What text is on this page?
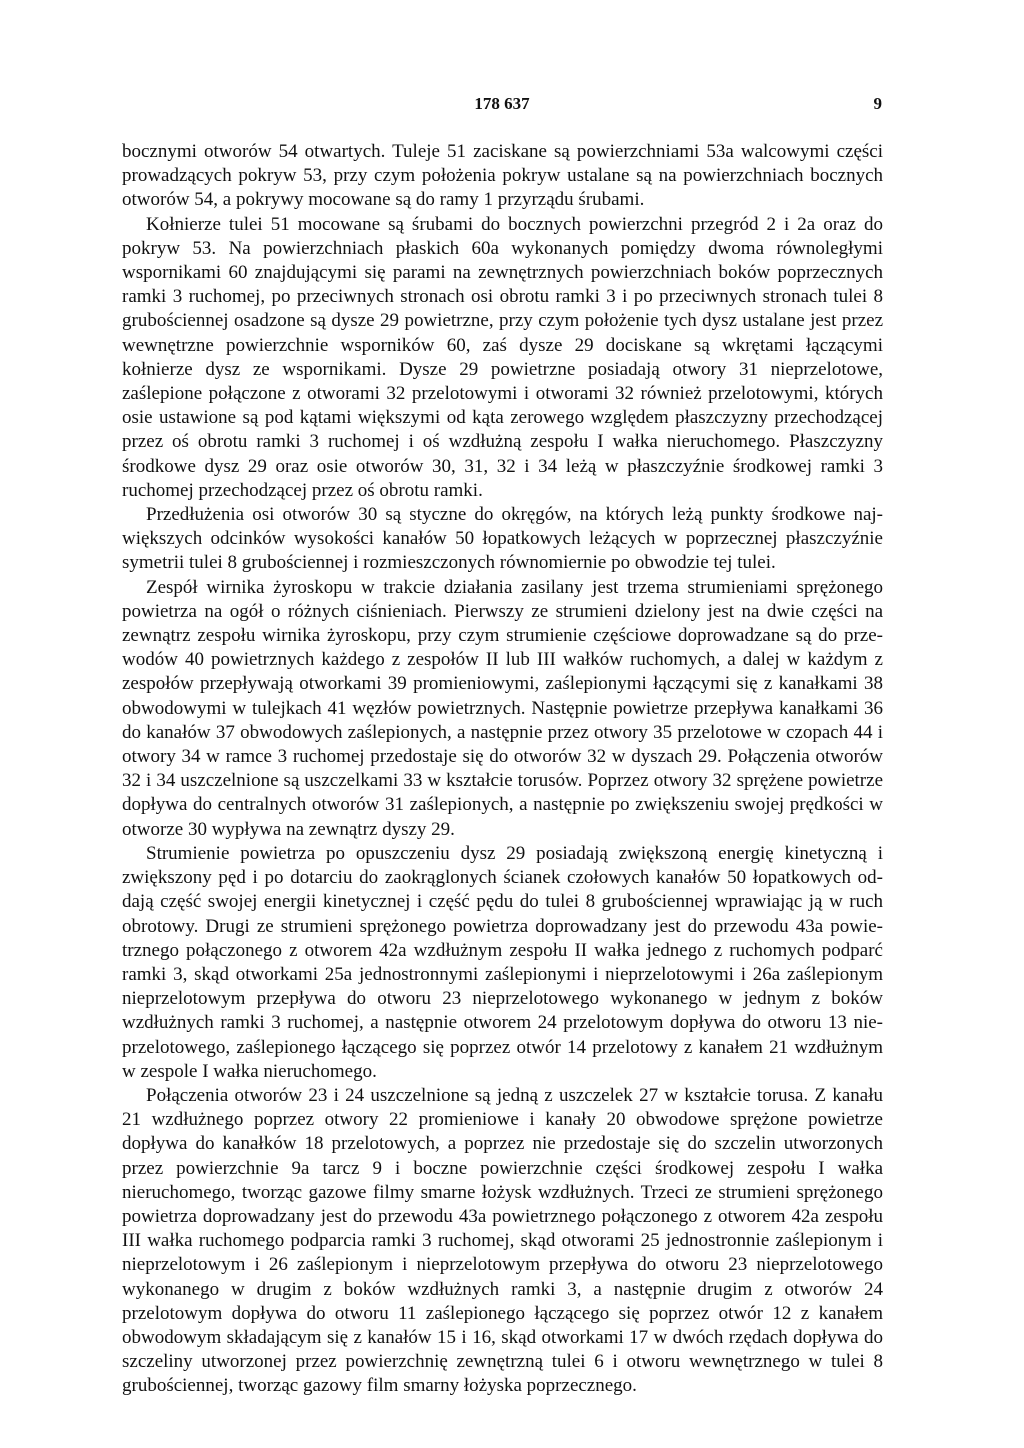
178 637	9

bocznymi otworów 54 otwartych. Tuleje 51 zaciskane są powierzchniami 53a walcowymi części prowadzących pokryw 53, przy czym położenia pokryw ustalane są na powierzchniach bocznych otworów 54, a pokrywy mocowane są do ramy 1 przyrządu śrubami.

Kołnierze tulei 51 mocowane są śrubami do bocznych powierzchni przegród 2 i 2a oraz do pokryw 53. Na powierzchniach płaskich 60a wykonanych pomiędzy dwoma równoległymi wspornikami 60 znajdującymi się parami na zewnętrznych powierzchniach boków poprzecznych ramki 3 ruchomej, po przeciwnych stronach osi obrotu ramki 3 i po przeciwnych stronach tulei 8 grubościennej osadzone są dysze 29 powietrzne, przy czym położenie tych dysz ustalane jest przez wewnętrzne powierzchnie wsporników 60, zaś dysze 29 dociskane są wkrętami łączącymi kołnierze dysz ze wspornikami. Dysze 29 powietrzne posiadają otwory 31 nieprzelotowe, zaślepione połączone z otworami 32 przelotowymi i otworami 32 również przelotowymi, których osie ustawione są pod kątami większymi od kąta zerowego względem płaszczyzny przechodzącej przez oś obrotu ramki 3 ruchomej i oś wzdłużną zespołu I wałka nieruchomego. Płaszczyzny środkowe dysz 29 oraz osie otworów 30, 31, 32 i 34 leżą w płaszczyźnie środkowej ramki 3 ruchomej przechodzącej przez oś obrotu ramki.

Przedłużenia osi otworów 30 są styczne do okręgów, na których leżą punkty środkowe największych odcinków wysokości kanałów 50 łopatkowych leżących w poprzecznej płaszczyźnie symetrii tulei 8 grubościennej i rozmieszczonych równomiernie po obwodzie tej tulei.

Zespół wirnika żyroskopu w trakcie działania zasilany jest trzema strumieniami sprężonego powietrza na ogół o różnych ciśnieniach. Pierwszy ze strumieni dzielony jest na dwie części na zewnątrz zespołu wirnika żyroskopu, przy czym strumienie częściowe doprowadzane są do przewodów 40 powietrznych każdego z zespołów II lub III wałków ruchomych, a dalej w każdym z zespołów przepływają otworkami 39 promieniowymi, zaślepionymi łączącymi się z kanałkami 38 obwodowymi w tulejkach 41 węzłów powietrznych. Następnie powietrze przepływa kanałkami 36 do kanałów 37 obwodowych zaślepionych, a następnie przez otwory 35 przelotowe w czopach 44 i otwory 34 w ramce 3 ruchomej przedostaje się do otworów 32 w dyszach 29. Połączenia otworów 32 i 34 uszczelnione są uszczelkami 33 w kształcie torusów. Poprzez otwory 32 sprężene powietrze dopływa do centralnych otworów 31 zaślepionych, a następnie po zwiększeniu swojej prędkości w otworze 30 wypływa na zewnątrz dyszy 29.

Strumienie powietrza po opuszczeniu dysz 29 posiadają zwiększoną energię kinetyczną i zwiększony pęd i po dotarciu do zaokrąglonych ścianek czołowych kanałów 50 łopatkowych oddają część swojej energii kinetycznej i część pędu do tulei 8 grubościennej wprawiając ją w ruch obrotowy. Drugi ze strumieni sprężonego powietrza doprowadzany jest do przewodu 43a powietrznego połączonego z otworem 42a wzdłużnym zespołu II wałka jednego z ruchomych podparć ramki 3, skąd otworkami 25a jednostronnymi zaślepionymi i nieprzelotowymi i 26a zaślepionym nieprzelotowym przepływa do otworu 23 nieprzelotowego wykonanego w jednym z boków wzdłużnych ramki 3 ruchomej, a następnie otworem 24 przelotowym dopływa do otworu 13 nieprzelotowego, zaślepionego łączącego się poprzez otwór 14 przelotowy z kanałem 21 wzdłużnym w zespole I wałka nieruchomego.

Połączenia otworów 23 i 24 uszczelnione są jedną z uszczelek 27 w kształcie torusa. Z kanału 21 wzdłużnego poprzez otwory 22 promieniowe i kanały 20 obwodowe sprężone powietrze dopływa do kanałków 18 przelotowych, a poprzez nie przedostaje się do szczelin utworzonych przez powierzchnie 9a tarcz 9 i boczne powierzchnie części środkowej zespołu I wałka nieruchomego, tworząc gazowe filmy smarne łożysk wzdłużnych. Trzeci ze strumieni sprężonego powietrza doprowadzany jest do przewodu 43a powietrznego połączonego z otworem 42a zespołu III wałka ruchomego podparcia ramki 3 ruchomej, skąd otworami 25 jednostronnie zaślepionym i nieprzelotowym i 26 zaślepionym i nieprzelotowym przepływa do otworu 23 nieprzelotowego wykonanego w drugim z boków wzdłużnych ramki 3, a następnie drugim z otworów 24 przelotowym dopływa do otworu 11 zaślepionego łączącego się poprzez otwór 12 z kanałem obwodowym składającym się z kanałów 15 i 16, skąd otworkami 17 w dwóch rzędach dopływa do szczeliny utworzonej przez powierzchnię zewnętrzną tulei 6 i otworu wewnętrznego w tulei 8 grubościennej, tworząc gazowy film smarny łożyska poprzecznego.
